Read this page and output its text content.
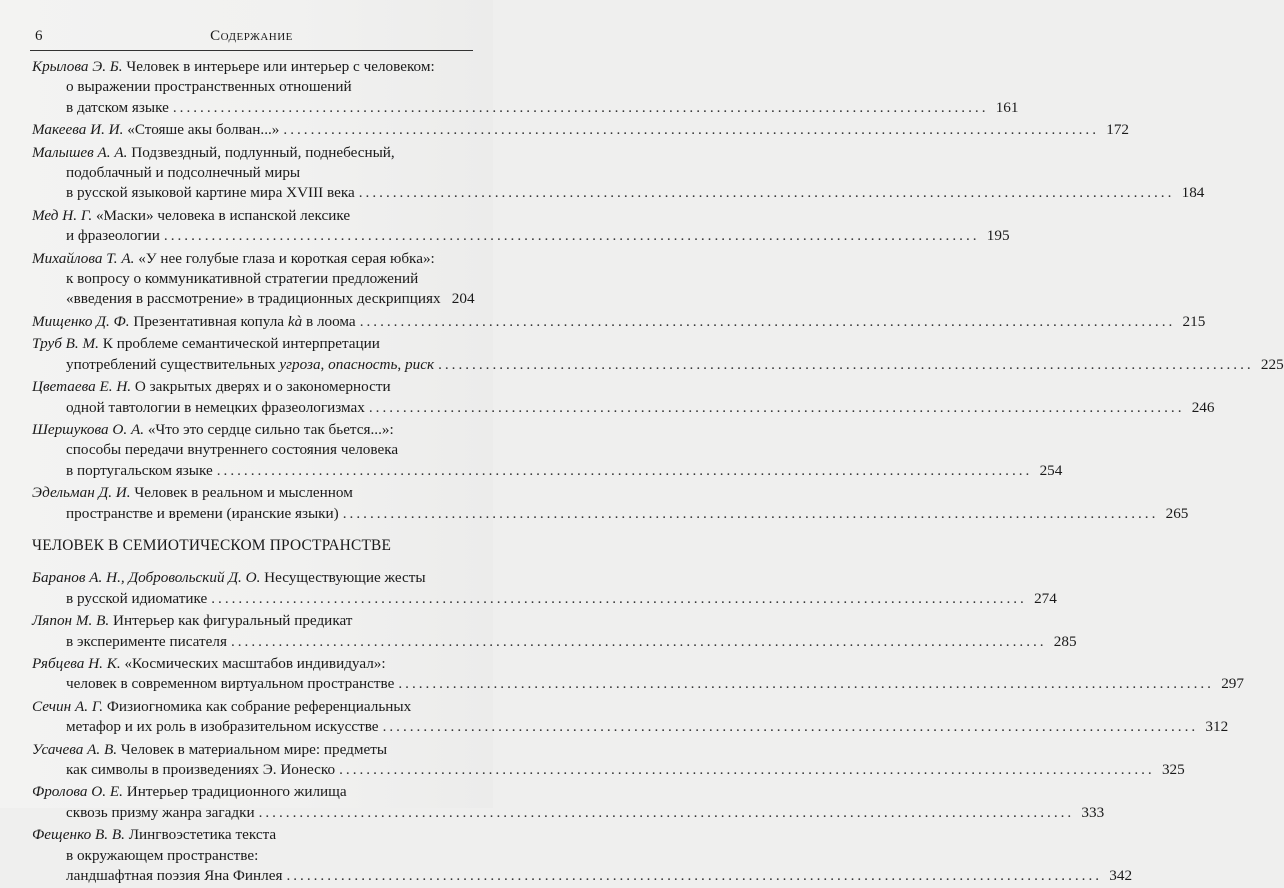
6	Содержание
Крылова Э. Б. Человек в интерьере или интерьер с человеком:
о выражении пространственных отношений
в датском языке ........................................................................................................................ 161
Макеева И. И. «Стояше акы болван...» ........................................................................................................................ 172
Малышев А. А. Подзвездный, подлунный, поднебесный,
подоблачный и подсолнечный миры
в русской языковой картине мира XVIII века ........................................................................................................................ 184
Мед Н. Г. «Маски» человека в испанской лексике
и фразеологии ........................................................................................................................ 195
Михайлова Т. А. «У нее голубые глаза и короткая серая юбка»:
к вопросу о коммуникативной стратегии предложений
«введения в рассмотрение» в традиционных дескрипциях 204
Мищенко Д. Ф. Презентативная копула kà в лоома ........................................................................................................................ 215
Труб В. М. К проблеме семантической интерпретации
употреблений существительных угроза, опасность, риск ........................................................................................................................ 225
Цветаева Е. Н. О закрытых дверях и о закономерности
одной тавтологии в немецких фразеологизмах ........................................................................................................................ 246
Шершукова О. А. «Что это сердце сильно так бьется...»:
способы передачи внутреннего состояния человека
в португальском языке ........................................................................................................................ 254
Эдельман Д. И. Человек в реальном и мысленном
пространстве и времени (иранские языки) ........................................................................................................................ 265
ЧЕЛОВЕК В СЕМИОТИЧЕСКОМ ПРОСТРАНСТВЕ
Баранов А. Н., Добровольский Д. О. Несуществующие жесты
в русской идиоматике ........................................................................................................................ 274
Ляпон М. В. Интерьер как фигуральный предикат
в эксперименте писателя ........................................................................................................................ 285
Рябцева Н. К. «Космических масштабов индивидуал»:
человек в современном виртуальном пространстве ........................................................................................................................ 297
Сечин А. Г. Физиогномика как собрание референциальных
метафор и их роль в изобразительном искусстве ........................................................................................................................ 312
Усачева А. В. Человек в материальном мире: предметы
как символы в произведениях Э. Ионеско ........................................................................................................................ 325
Фролова О. Е. Интерьер традиционного жилища
сквозь призму жанра загадки ........................................................................................................................ 333
Фещенко В. В. Лингвоэстетика текста
в окружающем пространстве:
ландшафтная поэзия Яна Финлея ........................................................................................................................ 342
